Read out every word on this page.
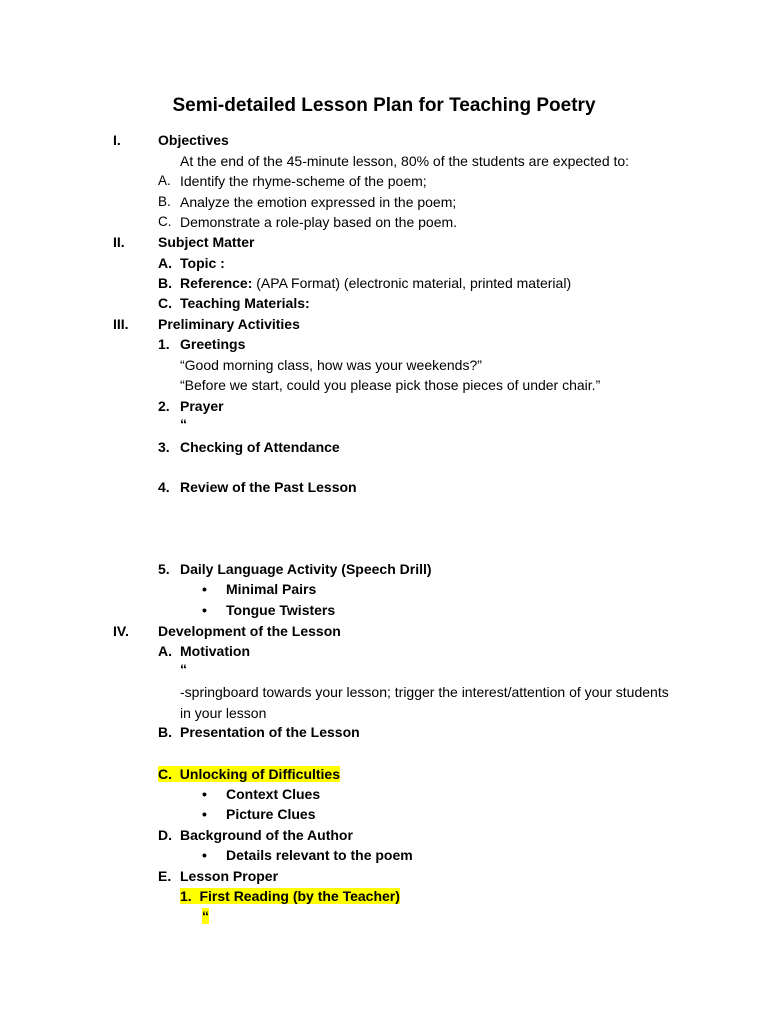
Semi-detailed Lesson Plan for Teaching Poetry
I.	Objectives
At the end of the 45-minute lesson, 80% of the students are expected to:
A. Identify the rhyme-scheme of the poem;
B. Analyze the emotion expressed in the poem;
C. Demonstrate a role-play based on the poem.
II. Subject Matter
A. Topic :
B. Reference: (APA Format) (electronic material, printed material)
C. Teaching Materials:
III. Preliminary Activities
1. Greetings
“Good morning class, how was your weekends?”
“Before we start, could you please pick those pieces of under chair.”
2. Prayer
“
3. Checking of Attendance
4. Review of the Past Lesson
5. Daily Language Activity (Speech Drill)
• Minimal Pairs
• Tongue Twisters
IV. Development of the Lesson
A. Motivation
“
-springboard towards your lesson; trigger the interest/attention of your students
in your lesson
B. Presentation of the Lesson
C. Unlocking of Difficulties
• Context Clues
• Picture Clues
D. Background of the Author
• Details relevant to the poem
E. Lesson Proper
1. First Reading (by the Teacher)
“
